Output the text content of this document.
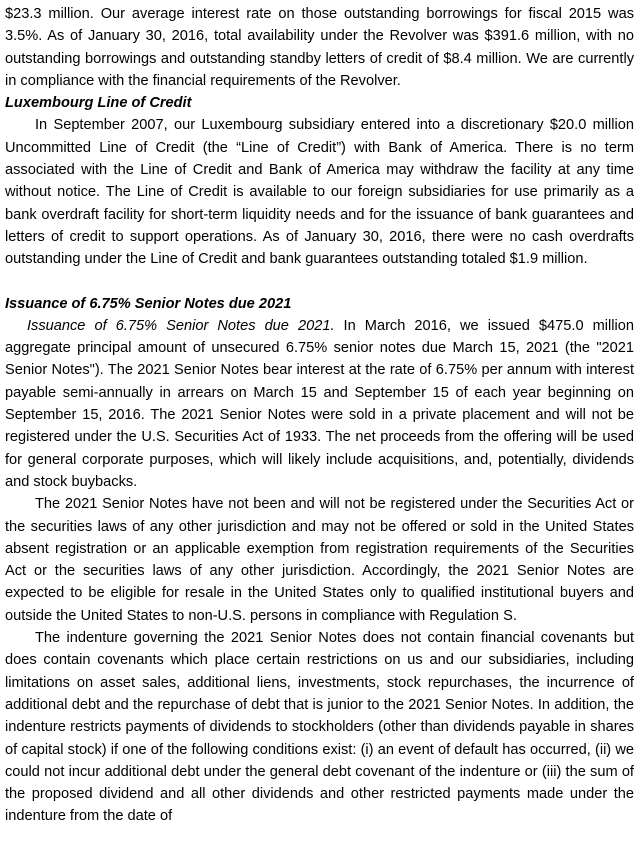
$23.3 million. Our average interest rate on those outstanding borrowings for fiscal 2015 was 3.5%. As of January 30, 2016, total availability under the Revolver was $391.6 million, with no outstanding borrowings and outstanding standby letters of credit of $8.4 million. We are currently in compliance with the financial requirements of the Revolver.

Luxembourg Line of Credit

In September 2007, our Luxembourg subsidiary entered into a discretionary $20.0 million Uncommitted Line of Credit (the “Line of Credit”) with Bank of America. There is no term associated with the Line of Credit and Bank of America may withdraw the facility at any time without notice. The Line of Credit is available to our foreign subsidiaries for use primarily as a bank overdraft facility for short-term liquidity needs and for the issuance of bank guarantees and letters of credit to support operations. As of January 30, 2016, there were no cash overdrafts outstanding under the Line of Credit and bank guarantees outstanding totaled $1.9 million.

Issuance of 6.75% Senior Notes due 2021

Issuance of 6.75% Senior Notes due 2021. In March 2016, we issued $475.0 million aggregate principal amount of unsecured 6.75% senior notes due March 15, 2021 (the "2021 Senior Notes"). The 2021 Senior Notes bear interest at the rate of 6.75% per annum with interest payable semi-annually in arrears on March 15 and September 15 of each year beginning on September 15, 2016. The 2021 Senior Notes were sold in a private placement and will not be registered under the U.S. Securities Act of 1933. The net proceeds from the offering will be used for general corporate purposes, which will likely include acquisitions, and, potentially, dividends and stock buybacks.

The 2021 Senior Notes have not been and will not be registered under the Securities Act or the securities laws of any other jurisdiction and may not be offered or sold in the United States absent registration or an applicable exemption from registration requirements of the Securities Act or the securities laws of any other jurisdiction. Accordingly, the 2021 Senior Notes are expected to be eligible for resale in the United States only to qualified institutional buyers and outside the United States to non-U.S. persons in compliance with Regulation S.

The indenture governing the 2021 Senior Notes does not contain financial covenants but does contain covenants which place certain restrictions on us and our subsidiaries, including limitations on asset sales, additional liens, investments, stock repurchases, the incurrence of additional debt and the repurchase of debt that is junior to the 2021 Senior Notes. In addition, the indenture restricts payments of dividends to stockholders (other than dividends payable in shares of capital stock) if one of the following conditions exist: (i) an event of default has occurred, (ii) we could not incur additional debt under the general debt covenant of the indenture or (iii) the sum of the proposed dividend and all other dividends and other restricted payments made under the indenture from the date of
